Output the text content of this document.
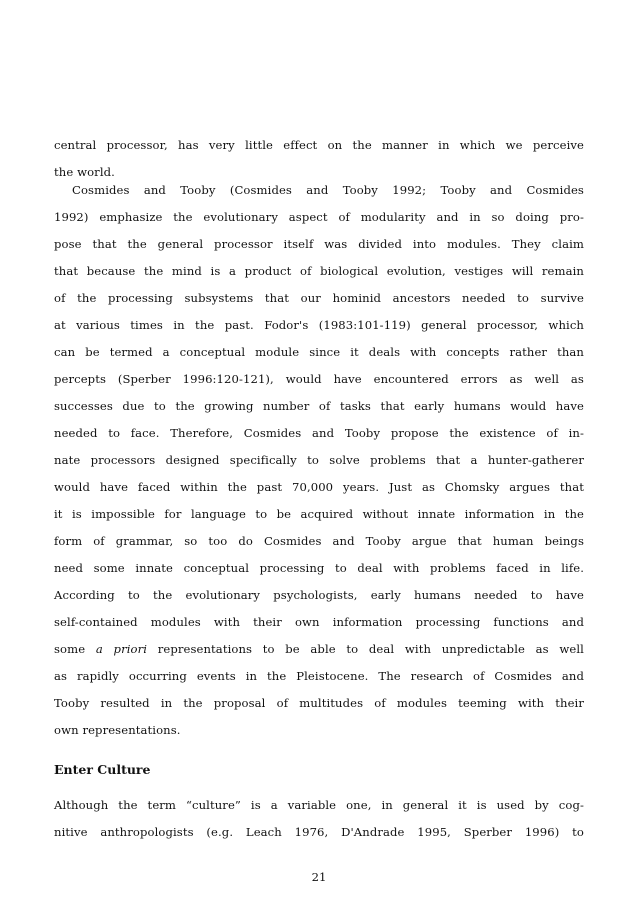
central processor, has very little effect on the manner in which we perceive
the world.
Cosmides and Tooby (Cosmides and Tooby 1992; Tooby and Cosmides
1992) emphasize the evolutionary aspect of modularity and in so doing pro-
pose that the general processor itself was divided into modules. They claim
that because the mind is a product of biological evolution, vestiges will remain
of the processing subsystems that our hominid ancestors needed to survive
at various times in the past. Fodor's (1983:101-119) general processor, which
can be termed a conceptual module since it deals with concepts rather than
percepts (Sperber 1996:120-121), would have encountered errors as well as
successes due to the growing number of tasks that early humans would have
needed to face. Therefore, Cosmides and Tooby propose the existence of in-
nate processors designed specifically to solve problems that a hunter-gatherer
would have faced within the past 70,000 years. Just as Chomsky argues that
it is impossible for language to be acquired without innate information in the
form of grammar, so too do Cosmides and Tooby argue that human beings
need some innate conceptual processing to deal with problems faced in life.
According to the evolutionary psychologists, early humans needed to have
self-contained modules with their own information processing functions and
some a priori representations to be able to deal with unpredictable as well
as rapidly occurring events in the Pleistocene. The research of Cosmides and
Tooby resulted in the proposal of multitudes of modules teeming with their
own representations.
Enter Culture
Although the term “culture” is a variable one, in general it is used by cog-
nitive anthropologists (e.g. Leach 1976, D'Andrade 1995, Sperber 1996) to
21
